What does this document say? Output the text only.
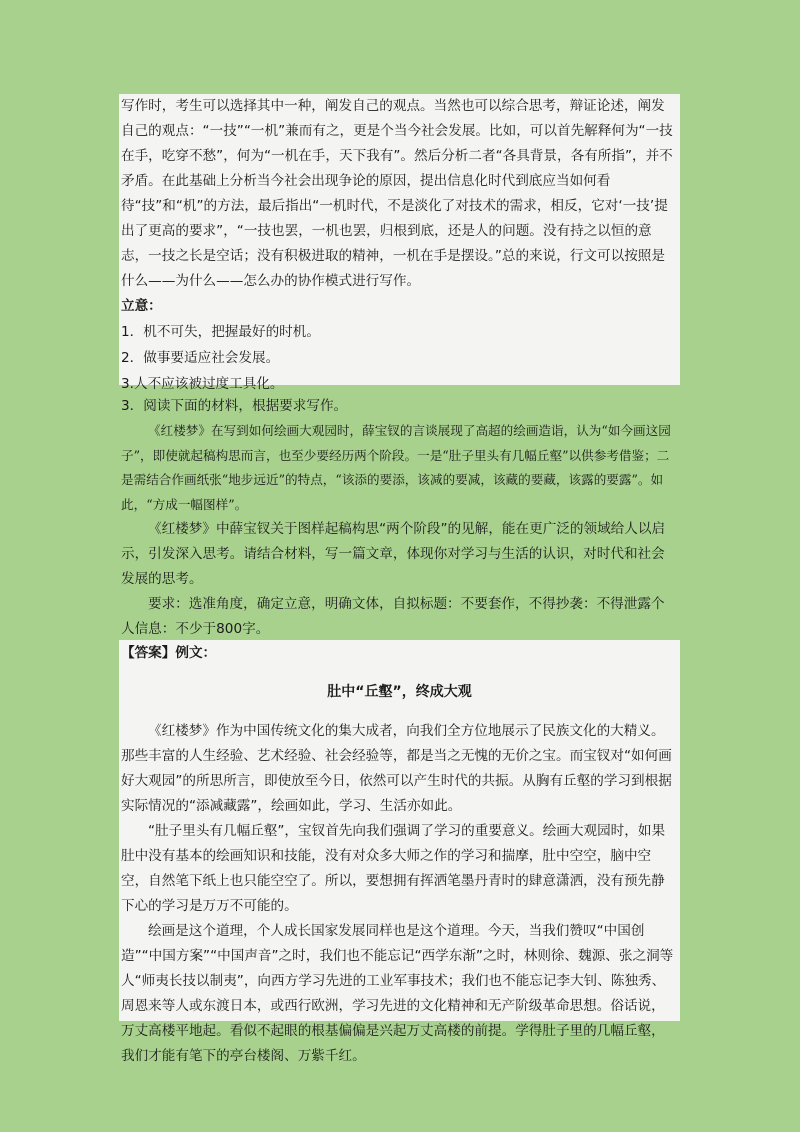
写作时，考生可以选择其中一种，阐发自己的观点。当然也可以综合思考，辩证论述，阐发自己的观点：“一技”“一机”兼而有之，更是个当今社会发展。比如，可以首先解释何为“一技在手，吃穿不愁”，何为“一机在手，天下我有”。然后分析二者“各具背景，各有所指”，并不矛盾。在此基础上分析当今社会出现争论的原因，提出信息化时代到底应当如何看待“技”和“机”的方法，最后指出“一机时代，不是淡化了对技术的需求，相反，它对‘一技’提出了更高的要求”，“一技也罢，一机也罢，归根到底，还是人的问题。没有持之以恒的意志，一技之长是空话；没有积极进取的精神，一机在手是摆设。”总的来说，行文可以按照是什么——为什么——怎么办的协作模式进行写作。

立意：

1．机不可失，把握最好的时机。

2．做事要适应社会发展。

3.人不应该被过度工具化。

3．阅读下面的材料，根据要求写作。

《红楼梦》在写到如何绘画大观园时，薛宝钗的言谈展现了高超的绘画造诣，认为“如今画这园子”，即使就起稿构思而言，也至少要经历两个阶段。一是“肚子里头有几幅丘壑”以供参考借鉴；二是需结合作画纸张“地步远近”的特点，“该添的要添，该减的要减，该藏的要藏，该露的要露”。如此，“方成一幅图样”。

《红楼梦》中薛宝钗关于图样起稿构思“两个阶段”的见解，能在更广泛的领域给人以启示，引发深入思考。请结合材料，写一篇文章，体现你对学习与生活的认识，对时代和社会发展的思考。

要求：选准角度，确定立意，明确文体，自拟标题：不要套作，不得抄袭：不得泄露个人信息：不少于800字。

【答案】例文：

肚中“丘壑”，终成大观

《红楼梦》作为中国传统文化的集大成者，向我们全方位地展示了民族文化的大精义。那些丰富的人生经验、艺术经验、社会经验等，都是当之无愧的无价之宝。而宝钗对“如何画好大观园”的所思所言，即使放至今日，依然可以产生时代的共振。从胸有丘壑的学习到根据实际情况的“添减藏露”，绘画如此，学习、生活亦如此。

“肚子里头有几幅丘壑”，宝钗首先向我们强调了学习的重要意义。绘画大观园时，如果肚中没有基本的绘画知识和技能，没有对众多大师之作的学习和揣摩，肚中空空，脑中空空，自然笔下纸上也只能空空了。所以，要想拥有挥洒笔墨丹青时的肆意潇洒，没有预先静下心的学习是万万不可能的。

绘画是这个道理，个人成长国家发展同样也是这个道理。今天，当我们赞叹“中国创造”“中国方案”“中国声音”之时，我们也不能忘记“西学东渐”之时，林则徐、魏源、张之洞等人“师夷长技以制夷”，向西方学习先进的工业军事技术；我们也不能忘记李大钊、陈独秀、周恩来等人或东渡日本，或西行欧洲，学习先进的文化精神和无产阶级革命思想。俗话说，万丈高楼平地起。看似不起眼的根基偏偏是兴起万丈高楼的前提。学得肚子里的几幅丘壑，我们才能有笔下的亭台楼阁、万紫千红。
